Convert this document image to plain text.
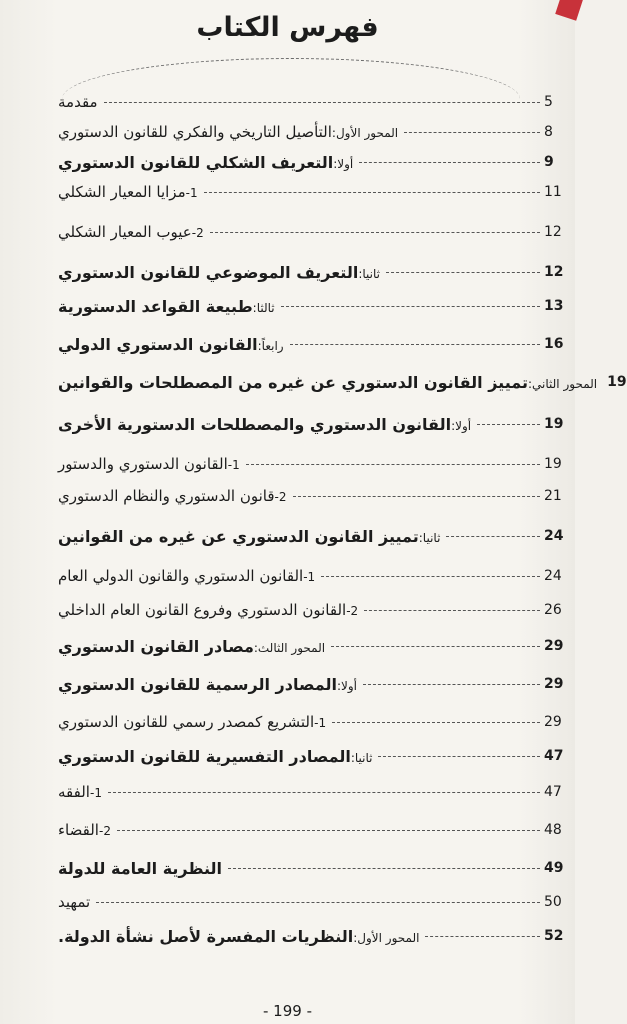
فهرس الكتاب
مقدمة	5
المحور الأول:التأصيل التاريخي والفكري للقانون الدستوري	8
أولا:التعريف الشكلي للقانون الدستوري	9
1-مزايا المعيار الشكلي	11
2-عيوب المعيار الشكلي	12
ثانيا:التعريف الموضوعي للقانون الدستوري	12
ثالثا:طبيعة القواعد الدستورية	13
رابعاً:القانون الدستوري الدولي	16
المحور الثاني:تمييز القانون الدستوري عن غيره من المصطلحات والقوانين	19
أولا:القانون الدستوري والمصطلحات الدستورية الأخرى	19
1-القانون الدستوري والدستور	19
2-قانون الدستوري والنظام الدستوري	21
ثانيا:تمييز القانون الدستوري عن غيره من القوانين	24
1-القانون الدستوري والقانون الدولي العام	24
2-القانون الدستوري وفروع القانون العام الداخلي	26
المحور الثالث:مصادر القانون الدستوري	29
أولا:المصادر الرسمية للقانون الدستوري	29
1-التشريع كمصدر رسمي للقانون الدستوري	29
ثانيا:المصادر التفسيرية للقانون الدستوري	47
1-الفقه	47
2-القضاء	48
النظرية العامة للدولة	49
تمهيد	50
المحور الأول:النظريات المفسرة لأصل نشأة الدولة.	52
- 199 -
